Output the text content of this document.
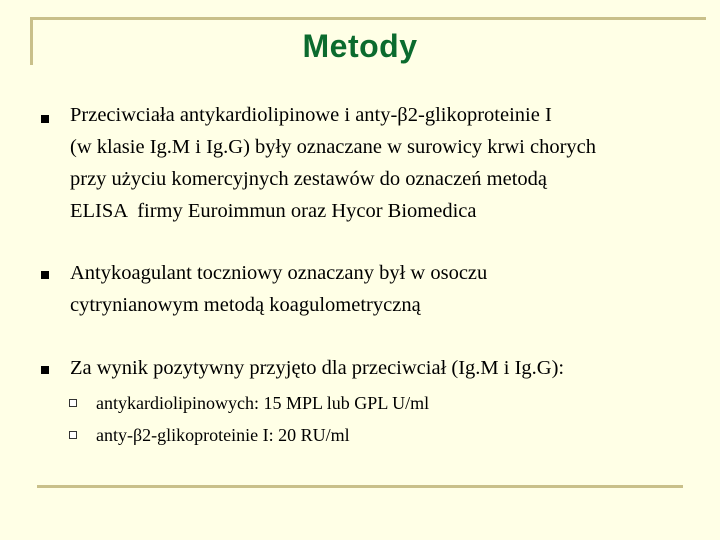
Metody
Przeciwciała antykardiolipinowe i anty-β2-glikoproteinie I
(w klasie Ig.M i Ig.G) były oznaczane w surowicy krwi chorych
przy użyciu komercyjnych zestawów do oznaczeń metodą
ELISA  firmy Euroimmun oraz Hycor Biomedica
Antykoagulant toczniowy oznaczany był w osoczu
cytrynianowym metodą koagulometryczną
Za wynik pozytywny przyjęto dla przeciwciał (Ig.M i Ig.G):
antykardiolipinowych: 15 MPL lub GPL U/ml
anty-β2-glikoproteinie I: 20 RU/ml
